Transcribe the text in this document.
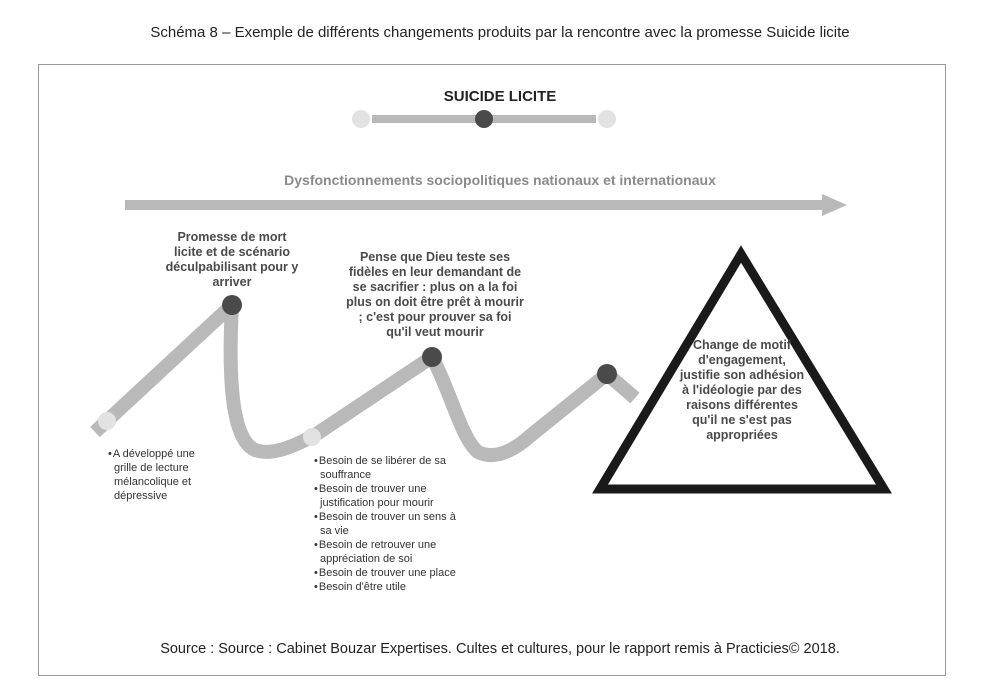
Schéma 8 – Exemple de différents changements produits par la rencontre avec la promesse Suicide licite
SUICIDE LICITE
Dysfonctionnements sociopolitiques nationaux et internationaux
Promesse de mort licite et de scénario déculpabilisant pour y arriver
Pense que Dieu teste ses fidèles en leur demandant de se sacrifier : plus on a la foi plus on doit être prêt à mourir ; c'est pour prouver sa foi qu'il veut mourir
Change de motif d'engagement, justifie son adhésion à l'idéologie par des raisons différentes qu'il ne s'est pas appropriées
• A développé une grille de lecture mélancolique et dépressive
• Besoin de se libérer de sa souffrance
• Besoin de trouver une justification pour mourir
• Besoin de trouver un sens à sa vie
• Besoin de retrouver une appréciation de soi
• Besoin de trouver une place
• Besoin d'être utile
Source : Source : Cabinet Bouzar Expertises. Cultes et cultures, pour le rapport remis à Practicies© 2018.
